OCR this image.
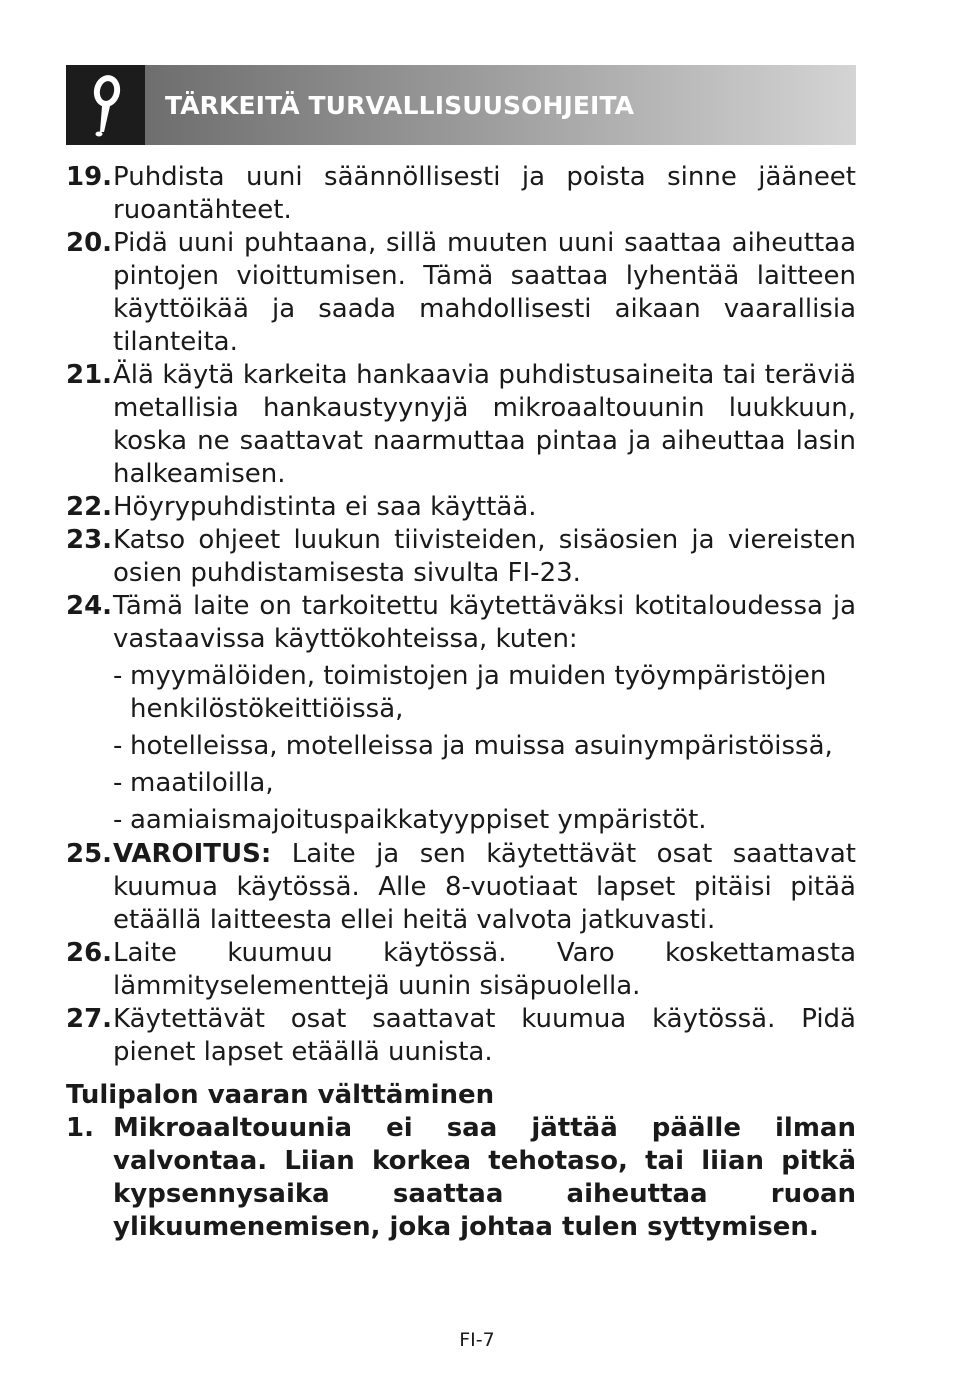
TÄRKEITÄ TURVALLISUUSOHJEITA
19. Puhdista uuni säännöllisesti ja poista sinne jääneet ruoantähteet.
20. Pidä uuni puhtaana, sillä muuten uuni saattaa aiheuttaa pintojen vioittumisen. Tämä saattaa lyhentää laitteen käyttöikää ja saada mahdollisesti aikaan vaarallisia tilanteita.
21. Älä käytä karkeita hankaavia puhdistusaineita tai teräviä metallisia hankaustyynyjä mikroaaltouunin luukkuun, koska ne saattavat naarmuttaa pintaa ja aiheuttaa lasin halkeamisen.
22. Höyrypuhdistinta ei saa käyttää.
23. Katso ohjeet luukun tiivisteiden, sisäosien ja viereisten osien puhdistamisesta sivulta FI-23.
24. Tämä laite on tarkoitettu käytettäväksi kotitaloudessa ja vastaavissa käyttökohteissa, kuten:
- myymälöiden, toimistojen ja muiden työympäristöjen henkilöstökeittiöissä,
- hotelleissa, motelleissa ja muissa asuinympäristöissä,
- maatiloilla,
- aamiaismajoituspaikkatyyppiset ympäristöt.
25. VAROITUS: Laite ja sen käytettävät osat saattavat kuumua käytössä. Alle 8-vuotiaat lapset pitäisi pitää etäällä laitteesta ellei heitä valvota jatkuvasti.
26. Laite kuumuu käytössä. Varo koskettamasta lämmityselementtejä uunin sisäpuolella.
27. Käytettävät osat saattavat kuumua käytössä. Pidä pienet lapset etäällä uunista.
Tulipalon vaaran välttäminen
1. Mikroaaltouunia ei saa jättää päälle ilman valvontaa. Liian korkea tehotaso, tai liian pitkä kypsennysaika saattaa aiheuttaa ruoan ylikuumenemisen, joka johtaa tulen syttymisen.
FI-7
